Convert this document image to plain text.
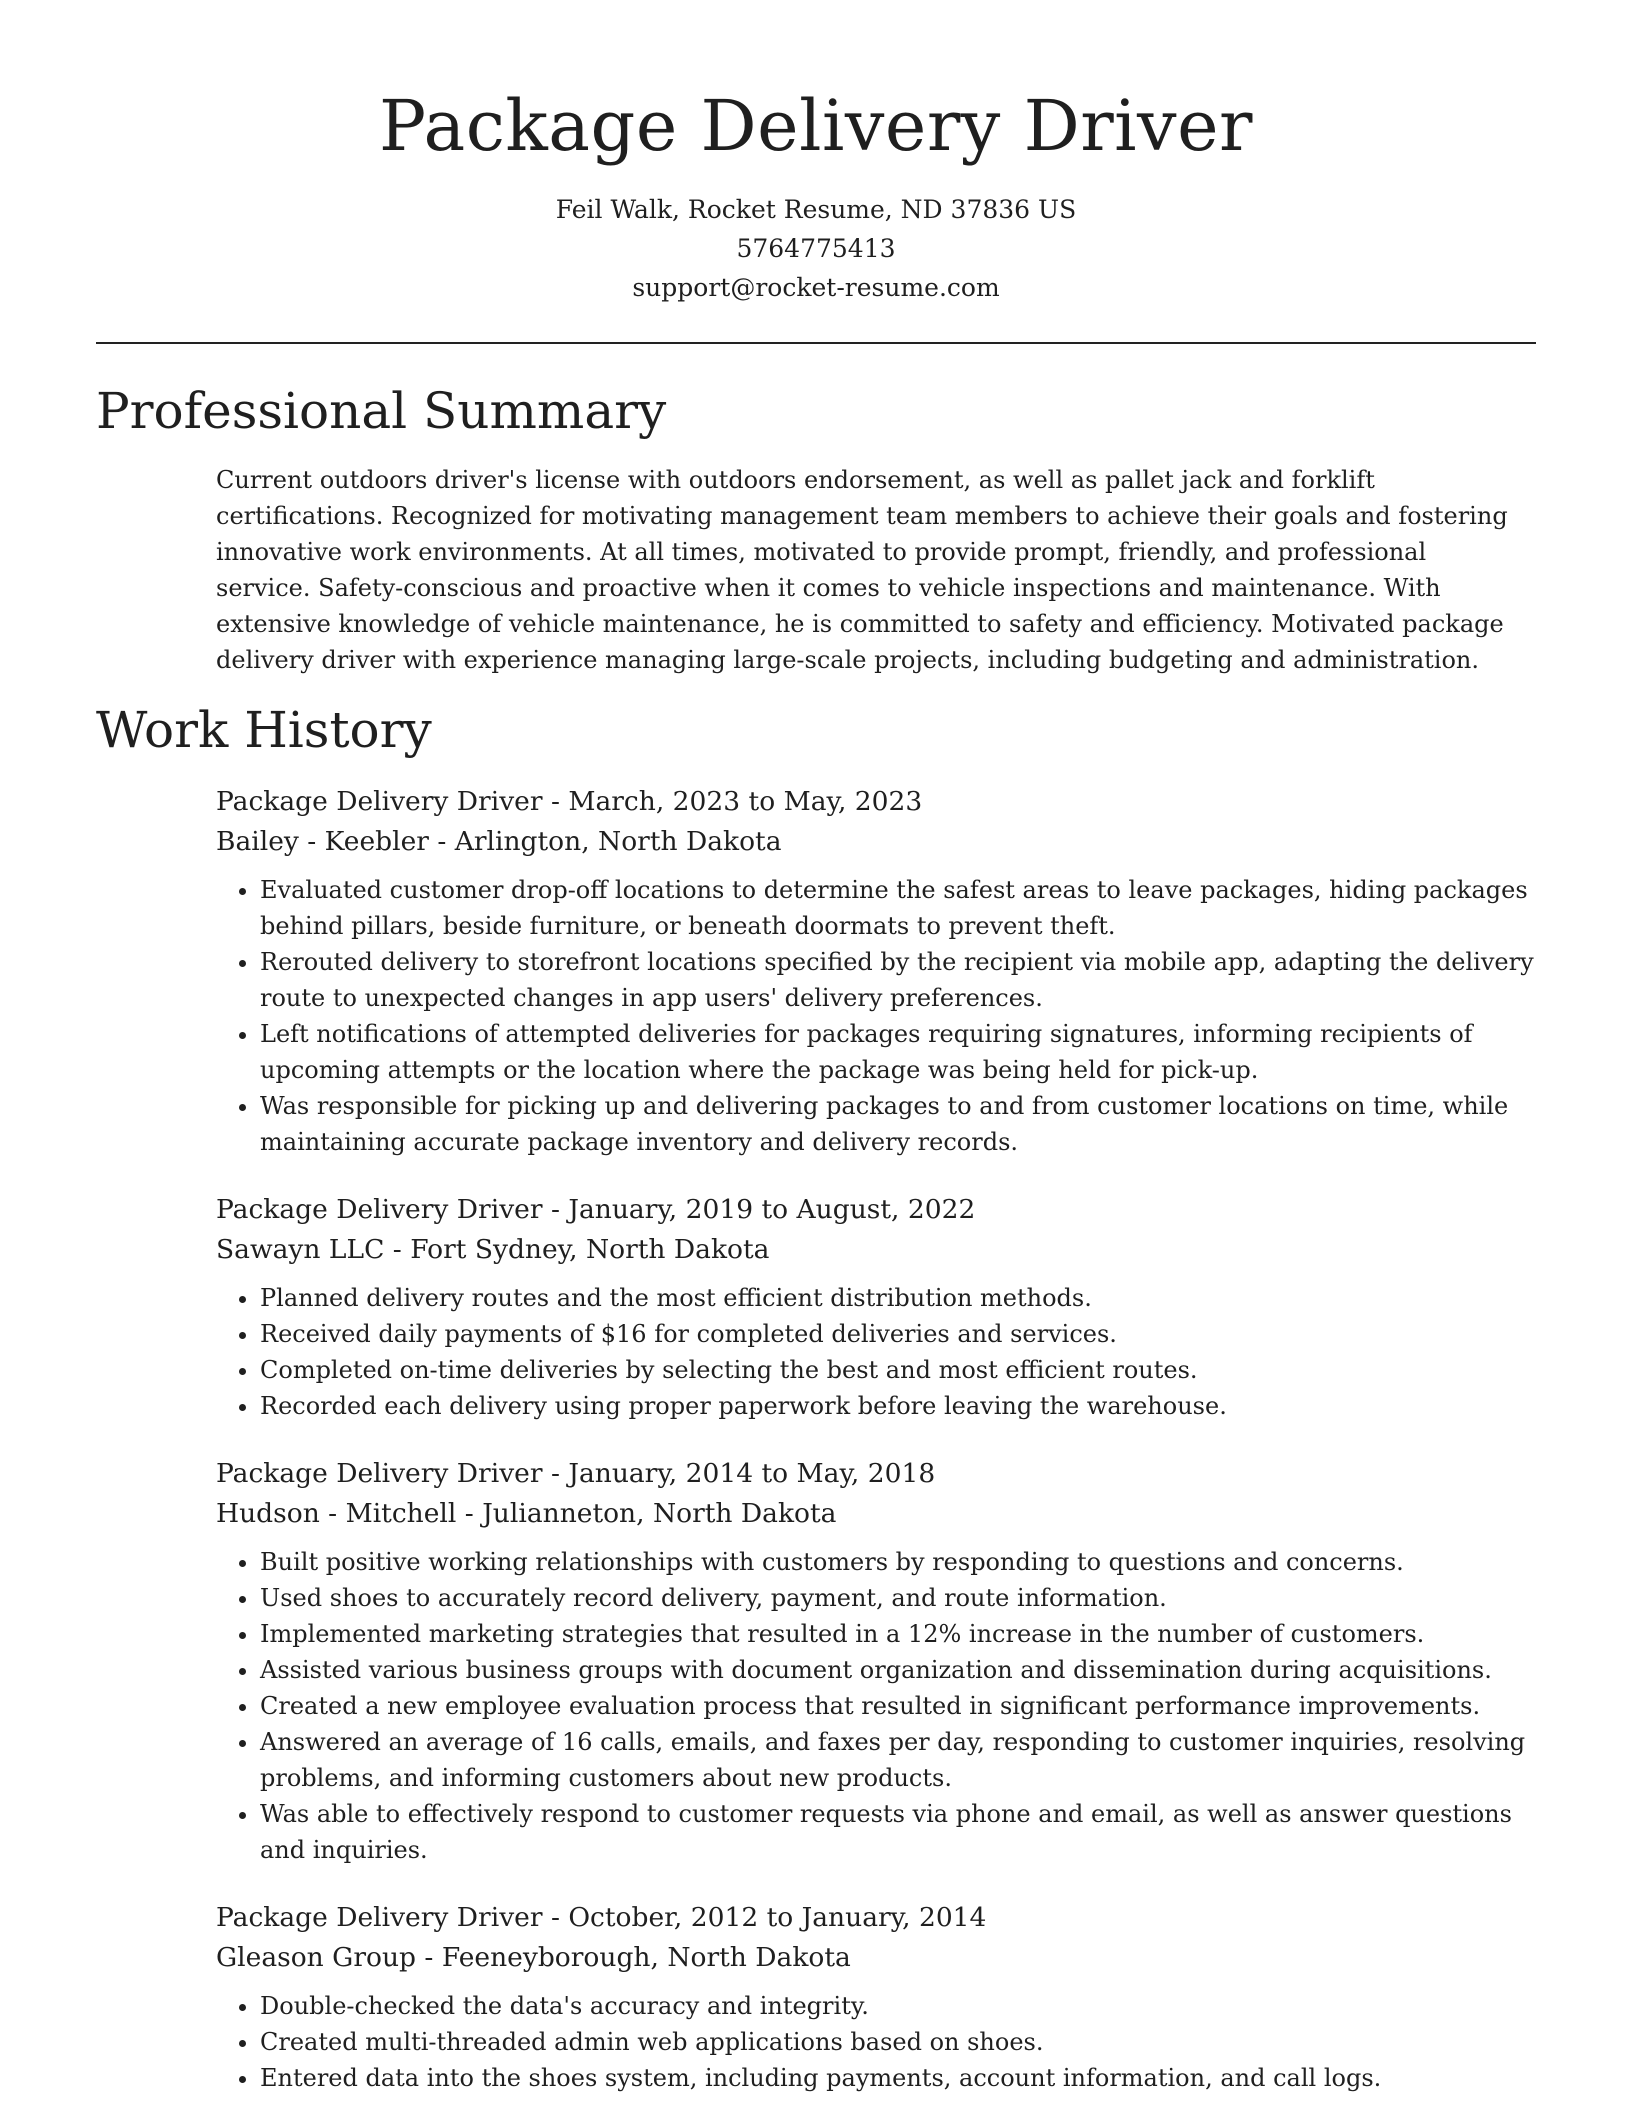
Package Delivery Driver
Feil Walk, Rocket Resume, ND 37836 US
5764775413
support@rocket-resume.com
Professional Summary

Current outdoors driver's license with outdoors endorsement, as well as pallet jack and forklift certifications. Recognized for motivating management team members to achieve their goals and fostering innovative work environments. At all times, motivated to provide prompt, friendly, and professional service. Safety-conscious and proactive when it comes to vehicle inspections and maintenance. With extensive knowledge of vehicle maintenance, he is committed to safety and efficiency. Motivated package delivery driver with experience managing large-scale projects, including budgeting and administration.

Work History
Package Delivery Driver - March, 2023 to May, 2023
Bailey - Keebler - Arlington, North Dakota
• Evaluated customer drop-off locations to determine the safest areas to leave packages, hiding packages behind pillars, beside furniture, or beneath doormats to prevent theft.
• Rerouted delivery to storefront locations specified by the recipient via mobile app, adapting the delivery route to unexpected changes in app users' delivery preferences.
• Left notifications of attempted deliveries for packages requiring signatures, informing recipients of upcoming attempts or the location where the package was being held for pick-up.
• Was responsible for picking up and delivering packages to and from customer locations on time, while maintaining accurate package inventory and delivery records.
Package Delivery Driver - January, 2019 to August, 2022
Sawayn LLC - Fort Sydney, North Dakota
• Planned delivery routes and the most efficient distribution methods.
• Received daily payments of $16 for completed deliveries and services.
• Completed on-time deliveries by selecting the best and most efficient routes.
• Recorded each delivery using proper paperwork before leaving the warehouse.
Package Delivery Driver - January, 2014 to May, 2018
Hudson - Mitchell - Julianneton, North Dakota
• Built positive working relationships with customers by responding to questions and concerns.
• Used shoes to accurately record delivery, payment, and route information.
• Implemented marketing strategies that resulted in a 12% increase in the number of customers.
• Assisted various business groups with document organization and dissemination during acquisitions.
• Created a new employee evaluation process that resulted in significant performance improvements.
• Answered an average of 16 calls, emails, and faxes per day, responding to customer inquiries, resolving problems, and informing customers about new products.
• Was able to effectively respond to customer requests via phone and email, as well as answer questions and inquiries.
Package Delivery Driver - October, 2012 to January, 2014
Gleason Group - Feeneyborough, North Dakota
• Double-checked the data's accuracy and integrity.
• Created multi-threaded admin web applications based on shoes.
• Entered data into the shoes system, including payments, account information, and call logs.
